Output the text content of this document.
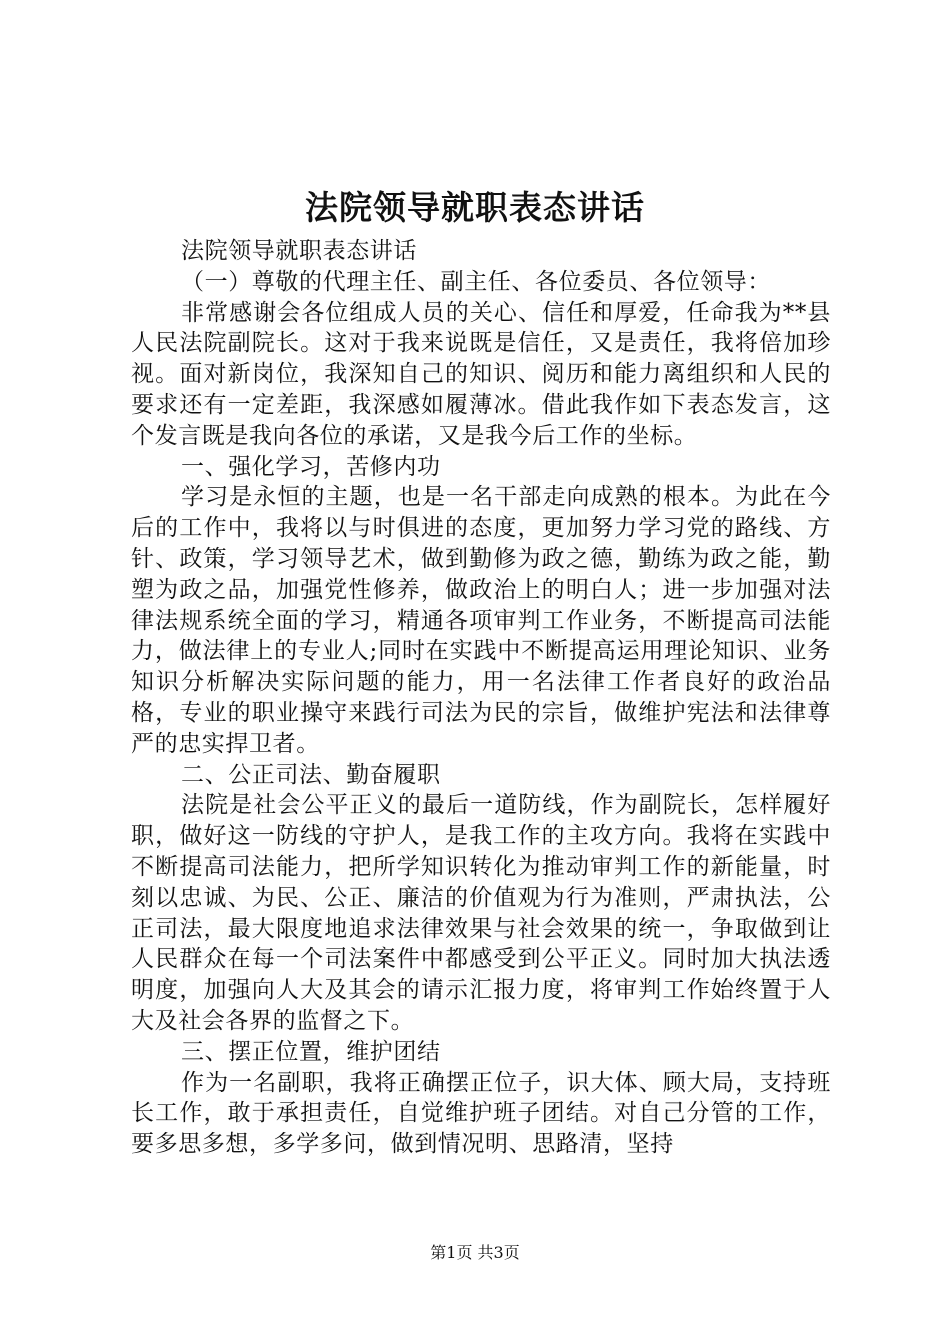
法院领导就职表态讲话

法院领导就职表态讲话

（一）尊敬的代理主任、副主任、各位委员、各位领导：

非常感谢会各位组成人员的关心、信任和厚爱，任命我为**县人民法院副院长。这对于我来说既是信任，又是责任，我将倍加珍视。面对新岗位，我深知自己的知识、阅历和能力离组织和人民的要求还有一定差距，我深感如履薄冰。借此我作如下表态发言，这个发言既是我向各位的承诺，又是我今后工作的坐标。

一、强化学习，苦修内功

学习是永恒的主题，也是一名干部走向成熟的根本。为此在今后的工作中，我将以与时俱进的态度，更加努力学习党的路线、方针、政策，学习领导艺术，做到勤修为政之德，勤练为政之能，勤塑为政之品，加强党性修养，做政治上的明白人；进一步加强对法律法规系统全面的学习，精通各项审判工作业务，不断提高司法能力，做法律上的专业人;同时在实践中不断提高运用理论知识、业务知识分析解决实际问题的能力，用一名法律工作者良好的政治品格，专业的职业操守来践行司法为民的宗旨，做维护宪法和法律尊严的忠实捍卫者。

二、公正司法、勤奋履职

法院是社会公平正义的最后一道防线，作为副院长，怎样履好职，做好这一防线的守护人，是我工作的主攻方向。我将在实践中不断提高司法能力，把所学知识转化为推动审判工作的新能量，时刻以忠诚、为民、公正、廉洁的价值观为行为准则，严肃执法，公正司法，最大限度地追求法律效果与社会效果的统一，争取做到让人民群众在每一个司法案件中都感受到公平正义。同时加大执法透明度，加强向人大及其会的请示汇报力度，将审判工作始终置于人大及社会各界的监督之下。

三、摆正位置，维护团结

作为一名副职，我将正确摆正位子，识大体、顾大局，支持班长工作，敢于承担责任，自觉维护班子团结。对自己分管的工作，要多思多想，多学多问，做到情况明、思路清，坚持

第1页 共3页
